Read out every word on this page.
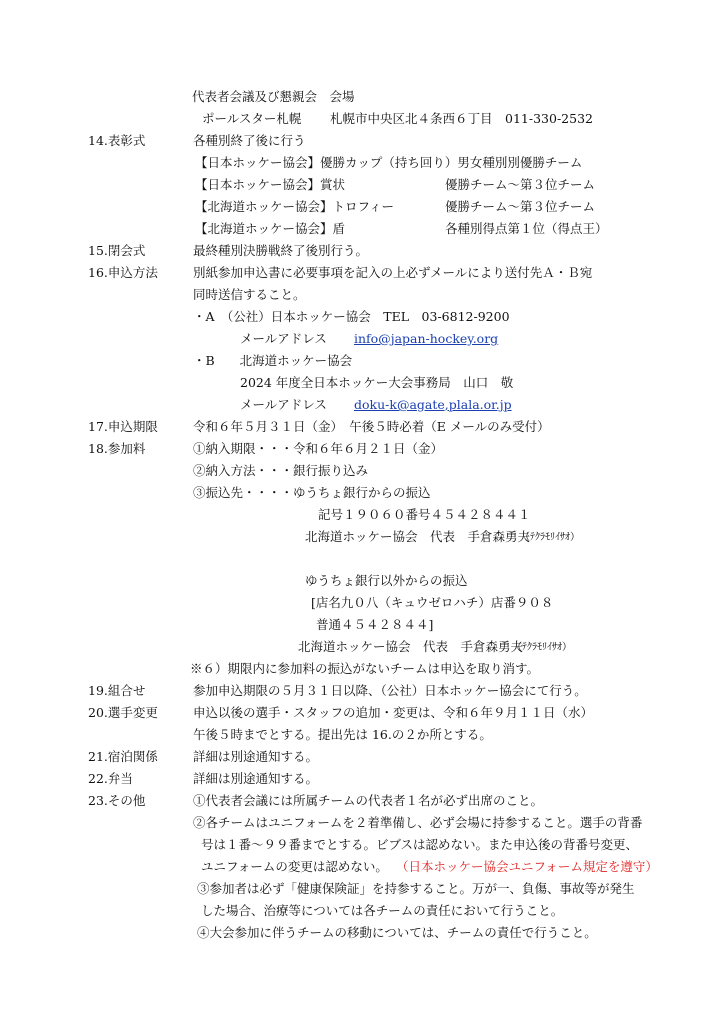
代表者会議及び懇親会　会場
ポールスター札幌 札幌市中央区北４条西６丁目　011-330-2532
14.表彰式	各種別終了後に行う
【日本ホッケー協会】優勝カップ（持ち回り）男女種別別優勝チーム
【日本ホッケー協会】賞状	優勝チーム～第３位チーム
【北海道ホッケー協会】トロフィー	優勝チーム～第３位チーム
【北海道ホッケー協会】盾	各種別得点第１位（得点王）
15.閉会式	最終種別決勝戦終了後別行う。
16.申込方法	別紙参加申込書に必要事項を記入の上必ずメールにより送付先Ａ・Ｂ宛
同時送信すること。
・A　（公社）日本ホッケー協会　TEL　03-6812-9200
メールアドレス info@japan-hockey.org
・B　　北海道ホッケー協会
2024 年度全日本ホッケー大会事務局　山口　敬
メールアドレス doku-k@agate,plala.or.jp
17.申込期限	令和６年５月３１日（金）　午後５時必着（E メールのみ受付）
18.参加料	①納入期限・・・令和６年６月２１日（金）
②納入方法・・・銀行振り込み
③振込先・・・・ゆうちょ銀行からの振込
記号１９０６０番号４５４２８４４１
北海道ホッケー協会　代表　手倉森勇夫
（ﾃｸﾗﾓﾘｲｻｵ）
ゆうちょ銀行以外からの振込
[店名九０八（キュウゼロハチ）店番９０８
普通４５４２８４４]
北海道ホッケー協会　代表　手倉森勇夫
（ﾃｸﾗﾓﾘｲｻｵ）
※６）期限内に参加料の振込がないチームは申込を取り消す。
19.組合せ	参加申込期限の５月３１日以降、（公社）日本ホッケー協会にて行う。
20.選手変更	申込以後の選手・スタッフの追加・変更は、令和６年９月１１日（水）
午後５時までとする。提出先は 16.の２か所とする。
21.宿泊関係	詳細は別途通知する。
22.弁当	詳細は別途通知する。
23.その他	①代表者会議には所属チームの代表者１名が必ず出席のこと。
②各チームはユニフォームを２着準備し、必ず会場に持参すること。選手の背番
号は１番～９９番までとする。ビブスは認めない。また申込後の背番号変更、
ユニフォームの変更は認めない。 （日本ホッケー協会ユニフォーム規定を遵守）
③参加者は必ず「健康保険証」を持参すること。万が一、負傷、事故等が発生
した場合、治療等については各チームの責任において行うこと。
④大会参加に伴うチームの移動については、チームの責任で行うこと。
